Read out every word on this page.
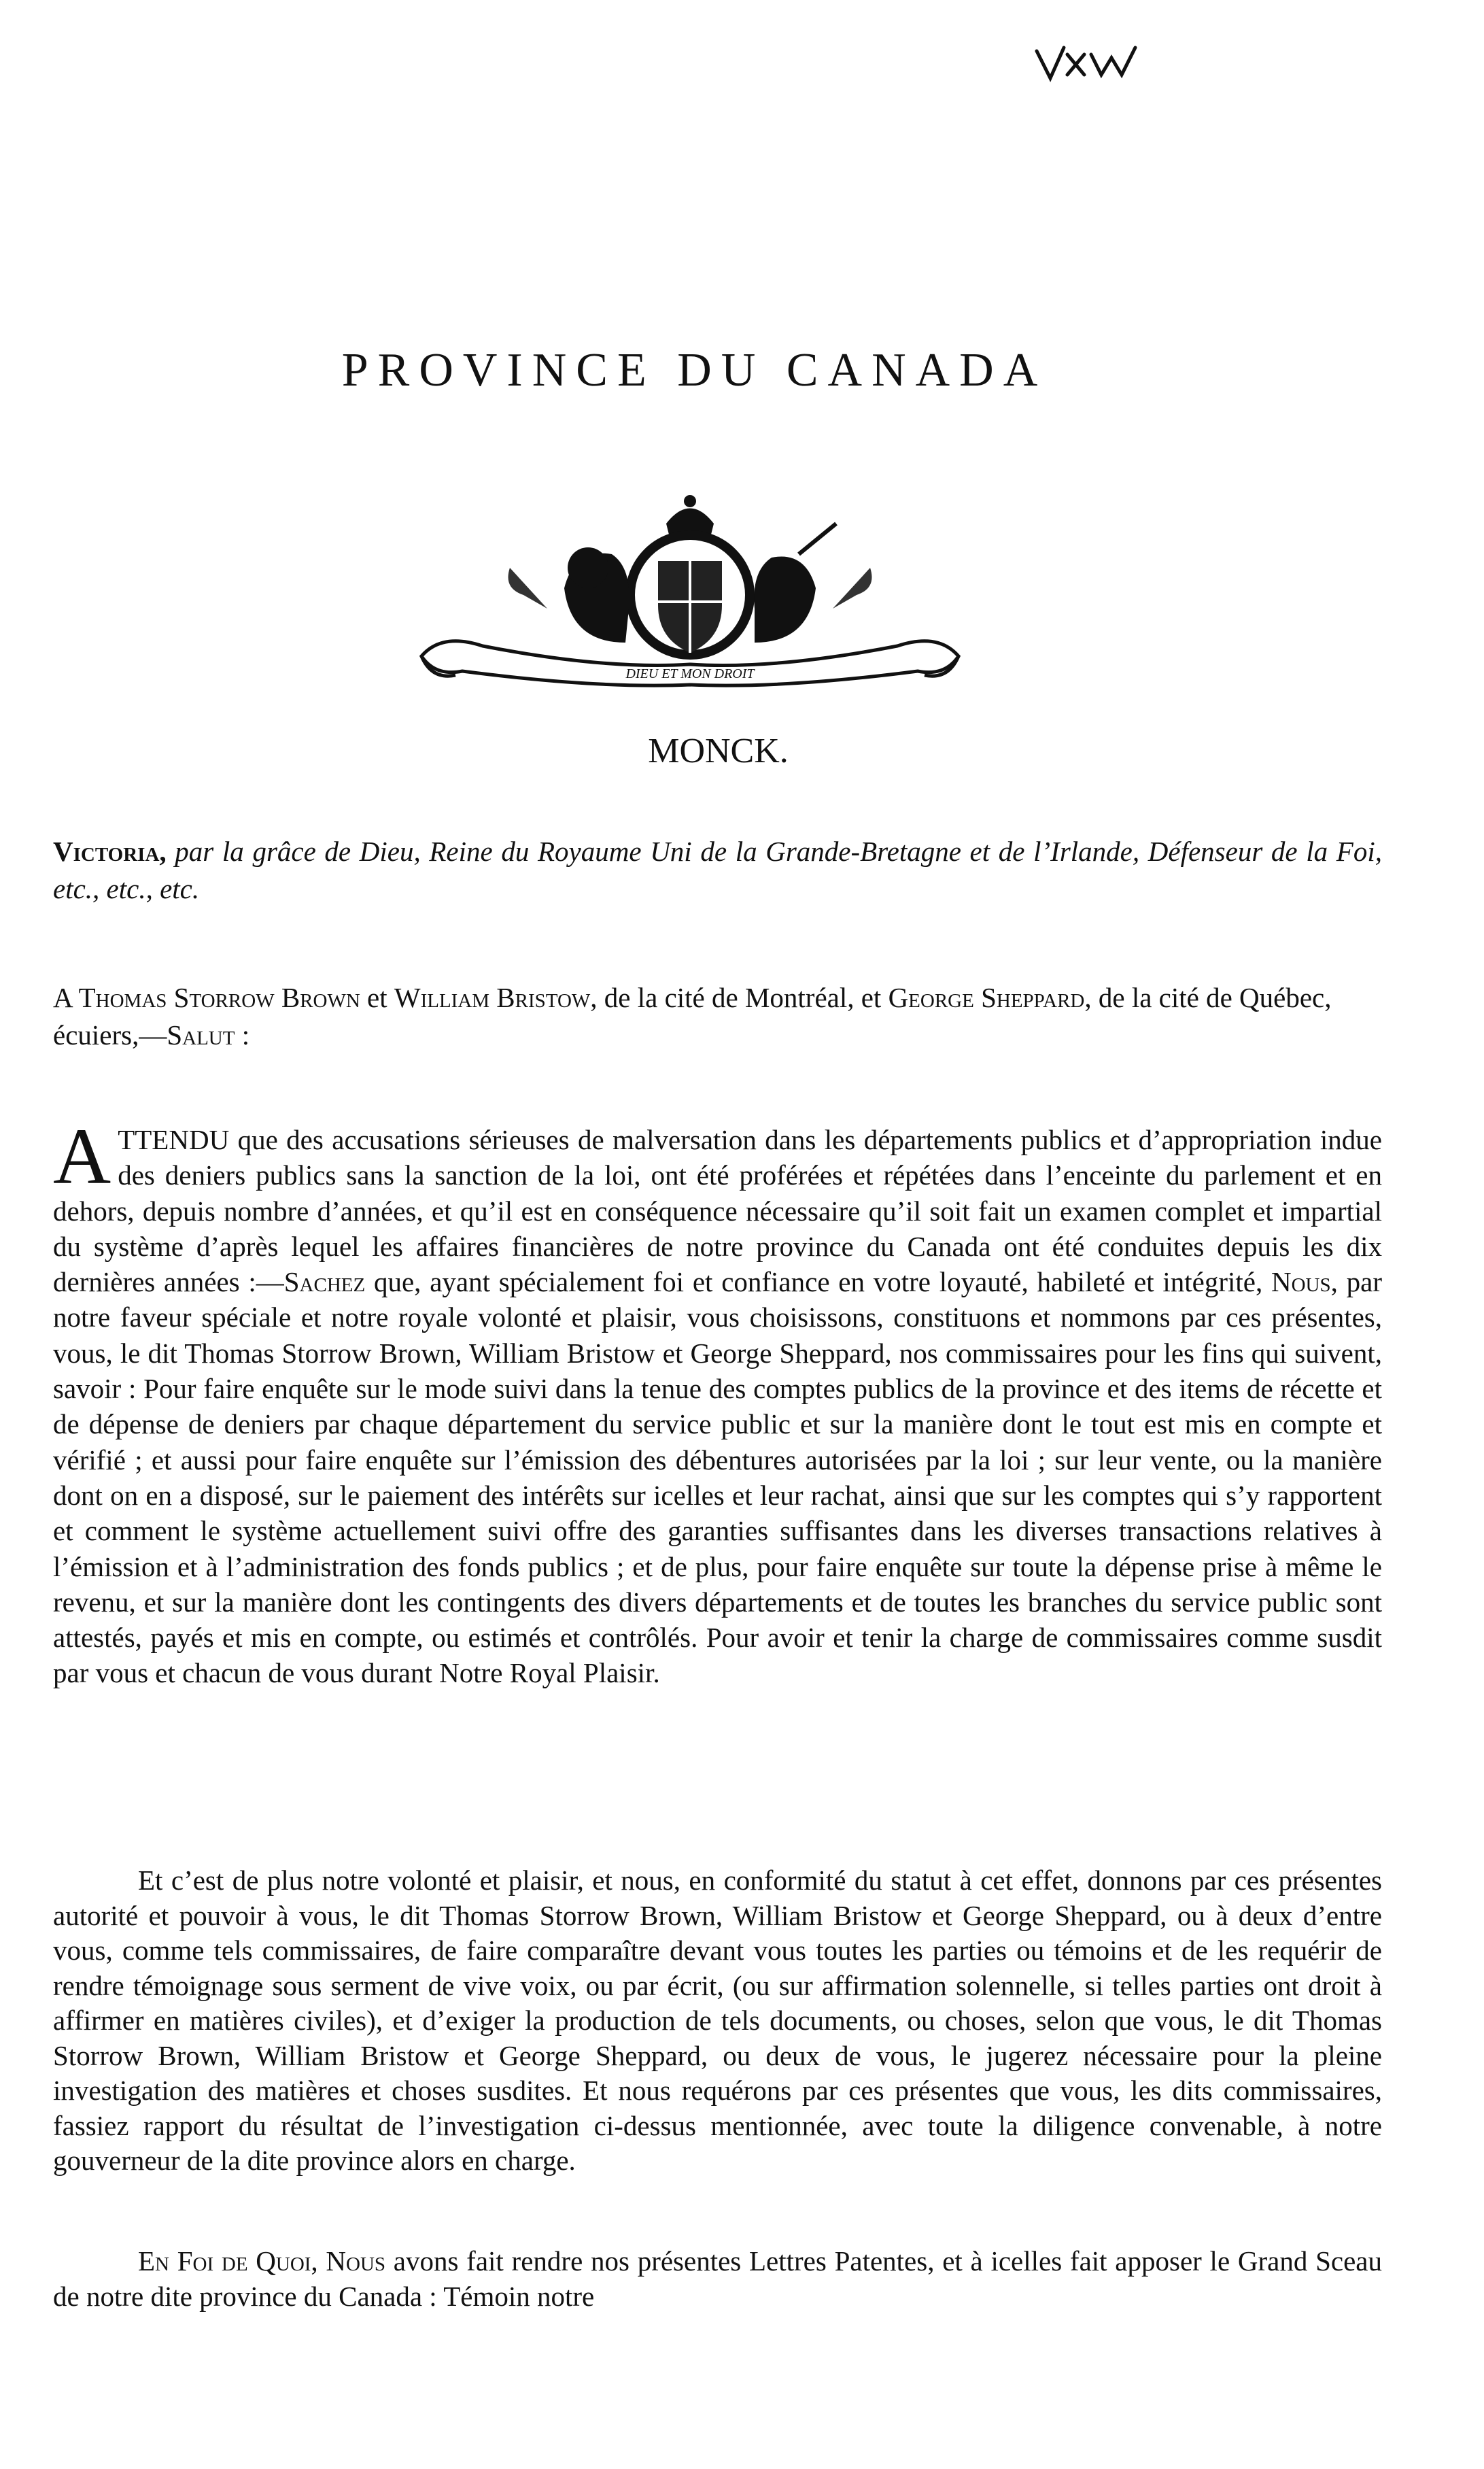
PROVINCE DU CANADA
DIEU ET MON DROIT
MONCK.
Victoria, par la grâce de Dieu, Reine du Royaume Uni de la Grande-Bretagne et de l’Irlande, Défenseur de la Foi, etc., etc., etc.
A Thomas Storrow Brown et William Bristow, de la cité de Montréal, et George Sheppard, de la cité de Québec, écuiers,—Salut :
ATTENDU que des accusations sérieuses de malversation dans les départements publics et d’appropriation indue des deniers publics sans la sanction de la loi, ont été proférées et répétées dans l’enceinte du parlement et en dehors, depuis nombre d’années, et qu’il est en conséquence nécessaire qu’il soit fait un examen complet et impartial du système d’après lequel les affaires financières de notre province du Canada ont été conduites depuis les dix dernières années :—Sachez que, ayant spécialement foi et confiance en votre loyauté, habileté et intégrité, Nous, par notre faveur spéciale et notre royale volonté et plaisir, vous choisissons, constituons et nommons par ces présentes, vous, le dit Thomas Storrow Brown, William Bristow et George Sheppard, nos commissaires pour les fins qui suivent, savoir : Pour faire enquête sur le mode suivi dans la tenue des comptes publics de la province et des items de récette et de dépense de deniers par chaque département du service public et sur la manière dont le tout est mis en compte et vérifié ; et aussi pour faire enquête sur l’émission des débentures autorisées par la loi ; sur leur vente, ou la manière dont on en a disposé, sur le paiement des intérêts sur icelles et leur rachat, ainsi que sur les comptes qui s’y rapportent et comment le système actuellement suivi offre des garanties suffisantes dans les diverses transactions relatives à l’émission et à l’administration des fonds publics ; et de plus, pour faire enquête sur toute la dépense prise à même le revenu, et sur la manière dont les contingents des divers départements et de toutes les branches du service public sont attestés, payés et mis en compte, ou estimés et contrôlés. Pour avoir et tenir la charge de commissaires comme susdit par vous et chacun de vous durant Notre Royal Plaisir.
Et c’est de plus notre volonté et plaisir, et nous, en conformité du statut à cet effet, donnons par ces présentes autorité et pouvoir à vous, le dit Thomas Storrow Brown, William Bristow et George Sheppard, ou à deux d’entre vous, comme tels commissaires, de faire comparaître devant vous toutes les parties ou témoins et de les requérir de rendre témoignage sous serment de vive voix, ou par écrit, (ou sur affirmation solennelle, si telles parties ont droit à affirmer en matières civiles), et d’exiger la production de tels documents, ou choses, selon que vous, le dit Thomas Storrow Brown, William Bristow et George Sheppard, ou deux de vous, le jugerez nécessaire pour la pleine investigation des matières et choses susdites. Et nous requérons par ces présentes que vous, les dits commissaires, fassiez rapport du résultat de l’investigation ci-dessus mentionnée, avec toute la diligence convenable, à notre gouverneur de la dite province alors en charge.
En Foi de Quoi, Nous avons fait rendre nos présentes Lettres Patentes, et à icelles fait apposer le Grand Sceau de notre dite province du Canada : Témoin notre
